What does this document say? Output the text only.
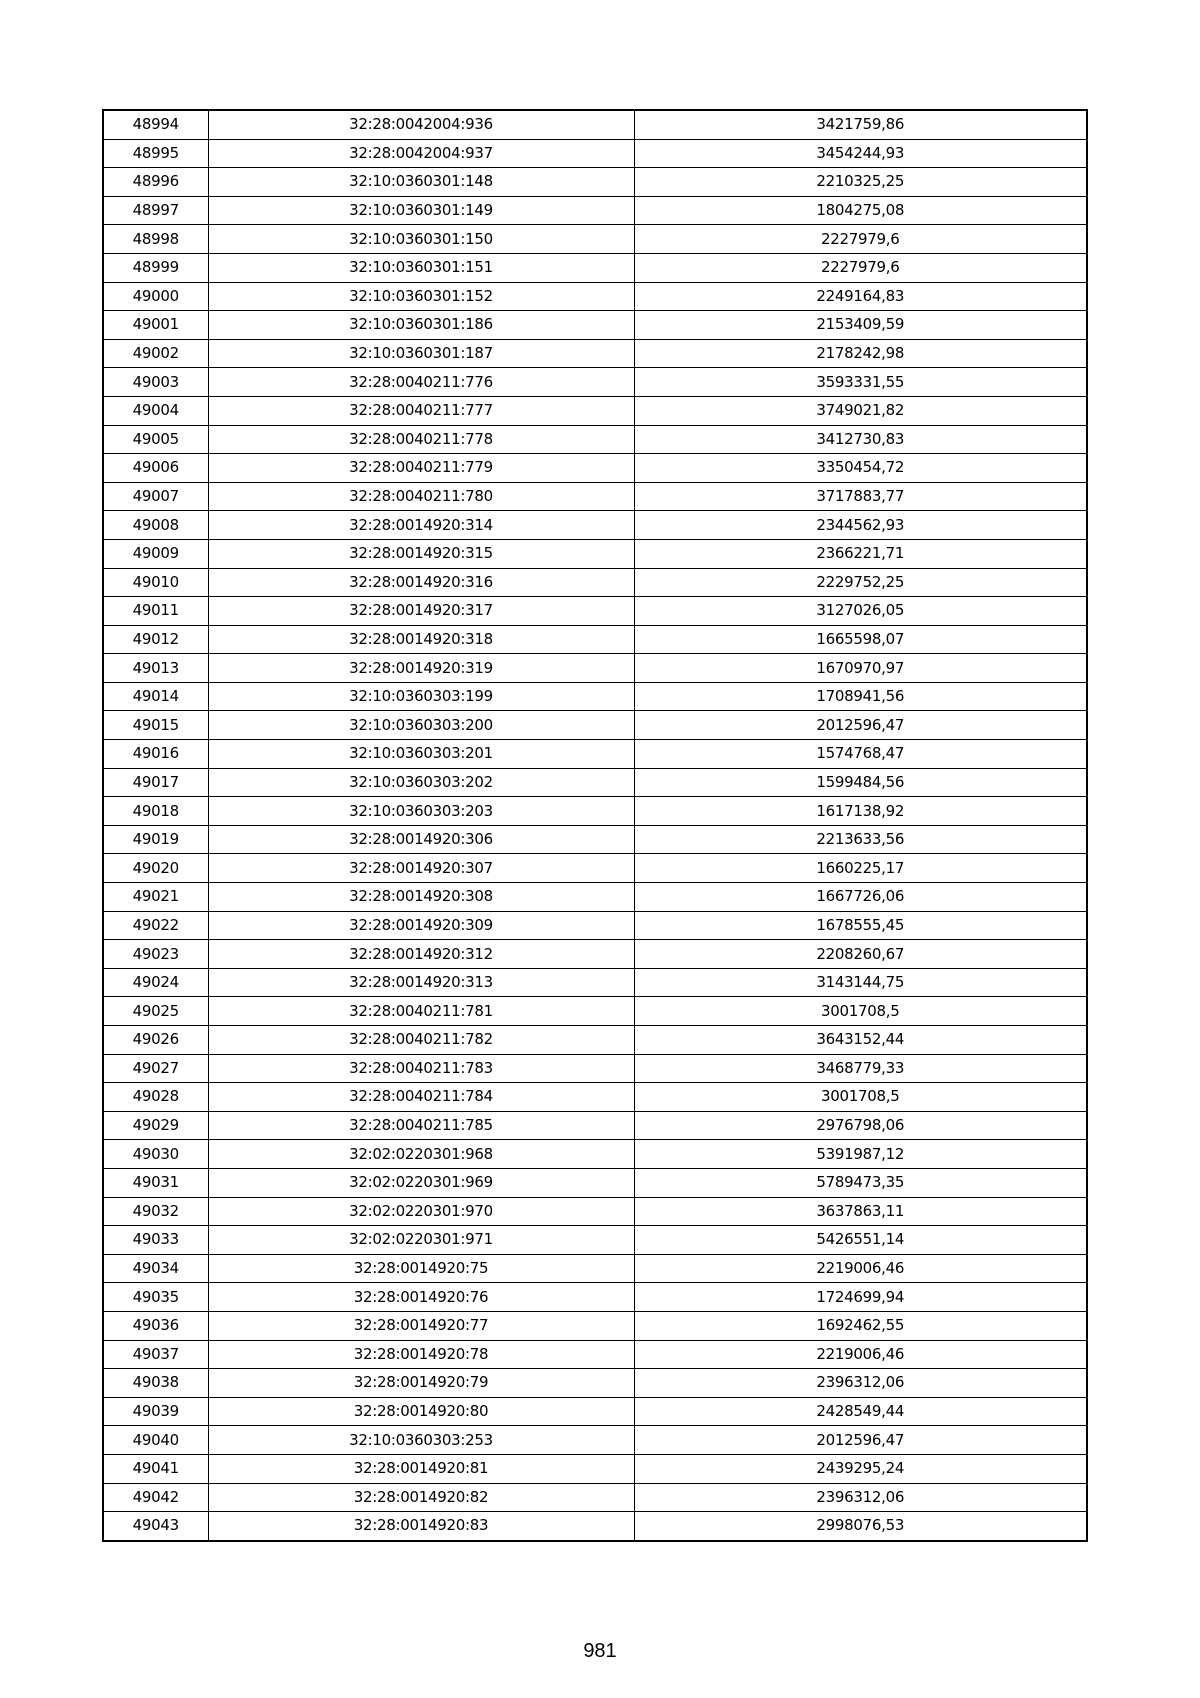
48994	32:28:0042004:936	3421759,86
48995	32:28:0042004:937	3454244,93
48996	32:10:0360301:148	2210325,25
48997	32:10:0360301:149	1804275,08
48998	32:10:0360301:150	2227979,6
48999	32:10:0360301:151	2227979,6
49000	32:10:0360301:152	2249164,83
49001	32:10:0360301:186	2153409,59
49002	32:10:0360301:187	2178242,98
49003	32:28:0040211:776	3593331,55
49004	32:28:0040211:777	3749021,82
49005	32:28:0040211:778	3412730,83
49006	32:28:0040211:779	3350454,72
49007	32:28:0040211:780	3717883,77
49008	32:28:0014920:314	2344562,93
49009	32:28:0014920:315	2366221,71
49010	32:28:0014920:316	2229752,25
49011	32:28:0014920:317	3127026,05
49012	32:28:0014920:318	1665598,07
49013	32:28:0014920:319	1670970,97
49014	32:10:0360303:199	1708941,56
49015	32:10:0360303:200	2012596,47
49016	32:10:0360303:201	1574768,47
49017	32:10:0360303:202	1599484,56
49018	32:10:0360303:203	1617138,92
49019	32:28:0014920:306	2213633,56
49020	32:28:0014920:307	1660225,17
49021	32:28:0014920:308	1667726,06
49022	32:28:0014920:309	1678555,45
49023	32:28:0014920:312	2208260,67
49024	32:28:0014920:313	3143144,75
49025	32:28:0040211:781	3001708,5
49026	32:28:0040211:782	3643152,44
49027	32:28:0040211:783	3468779,33
49028	32:28:0040211:784	3001708,5
49029	32:28:0040211:785	2976798,06
49030	32:02:0220301:968	5391987,12
49031	32:02:0220301:969	5789473,35
49032	32:02:0220301:970	3637863,11
49033	32:02:0220301:971	5426551,14
49034	32:28:0014920:75	2219006,46
49035	32:28:0014920:76	1724699,94
49036	32:28:0014920:77	1692462,55
49037	32:28:0014920:78	2219006,46
49038	32:28:0014920:79	2396312,06
49039	32:28:0014920:80	2428549,44
49040	32:10:0360303:253	2012596,47
49041	32:28:0014920:81	2439295,24
49042	32:28:0014920:82	2396312,06
49043	32:28:0014920:83	2998076,53
981
